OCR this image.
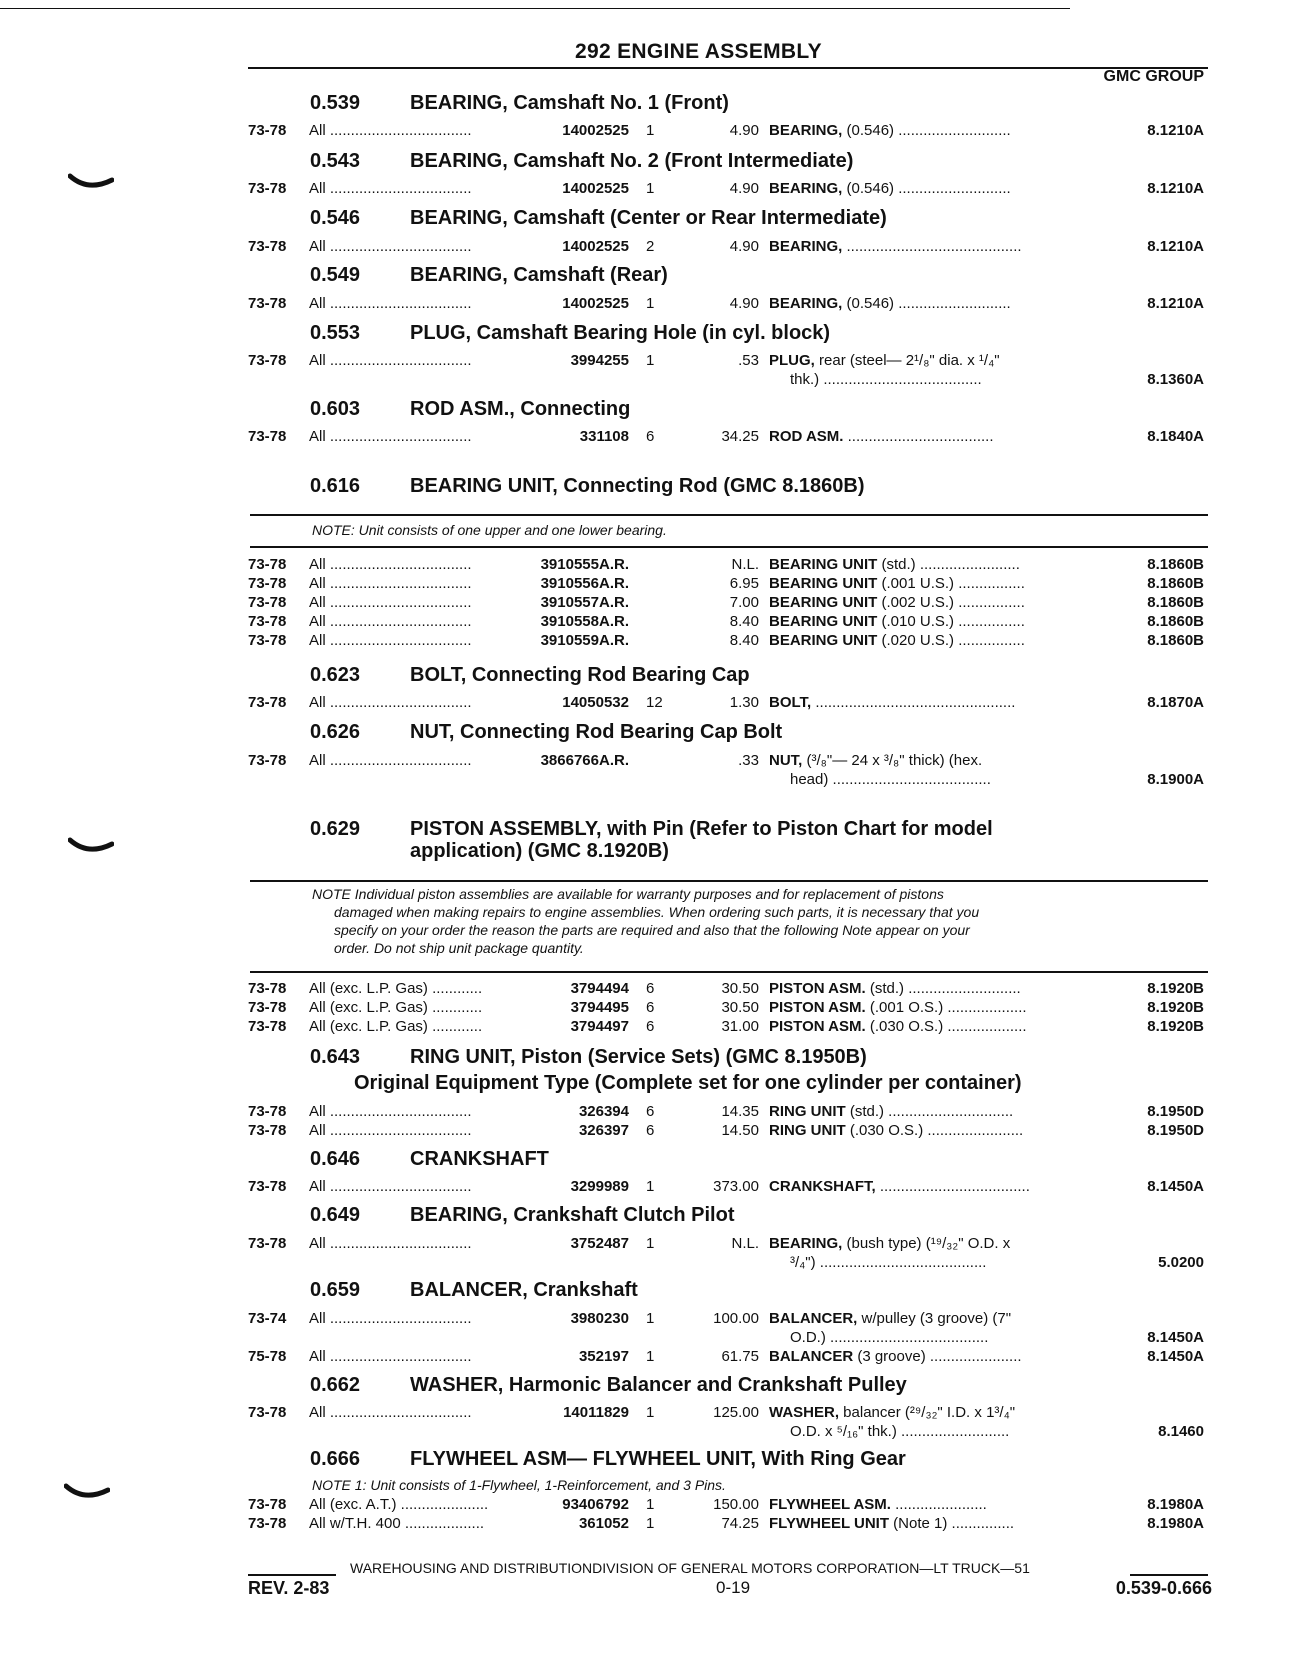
292 ENGINE ASSEMBLY
GMC GROUP
0.539 BEARING, Camshaft No. 1 (Front)
73-78 All ..................................	14002525 1	4.90 BEARING, (0.546) ...........................	8.1210A
0.543 BEARING, Camshaft No. 2 (Front Intermediate)
73-78 All ..................................	14002525 1	4.90 BEARING, (0.546) ...........................	8.1210A
0.546 BEARING, Camshaft (Center or Rear Intermediate)
73-78 All ..................................	14002525 2	4.90 BEARING, ..........................................	8.1210A
0.549 BEARING, Camshaft (Rear)
73-78 All ..................................	14002525 1	4.90 BEARING, (0.546) ...........................	8.1210A
0.553 PLUG, Camshaft Bearing Hole (in cyl. block)
73-78 All ..................................	3994255 1	.53 PLUG, rear (steel— 2¹/₈" dia. x ¹/₄"
thk.) ......................................	8.1360A
0.603 ROD ASM., Connecting
73-78 All ..................................	331108 6	34.25 ROD ASM. ...................................	8.1840A
0.616 BEARING UNIT, Connecting Rod (GMC 8.1860B)
NOTE: Unit consists of one upper and one lower bearing.
73-78 All ..................................	3910555A.R.	N.L. BEARING UNIT (std.) ........................	8.1860B
73-78 All ..................................	3910556A.R.	6.95 BEARING UNIT (.001 U.S.) ................	8.1860B
73-78 All ..................................	3910557A.R.	7.00 BEARING UNIT (.002 U.S.) ................	8.1860B
73-78 All ..................................	3910558A.R.	8.40 BEARING UNIT (.010 U.S.) ................	8.1860B
73-78 All ..................................	3910559A.R.	8.40 BEARING UNIT (.020 U.S.) ................	8.1860B
0.623 BOLT, Connecting Rod Bearing Cap
73-78 All ..................................	14050532 12	1.30 BOLT, ................................................	8.1870A
0.626 NUT, Connecting Rod Bearing Cap Bolt
73-78 All ..................................	3866766A.R.	.33 NUT, (³/₈"— 24 x ³/₈" thick) (hex.
head) ......................................	8.1900A
0.629 PISTON ASSEMBLY, with Pin (Refer to Piston Chart for model
application) (GMC 8.1920B)
NOTE Individual piston assemblies are available for warranty purposes and for replacement of pistons
damaged when making repairs to engine assemblies. When ordering such parts, it is necessary that you
specify on your order the reason the parts are required and also that the following Note appear on your
order. Do not ship unit package quantity.
73-78 All (exc. L.P. Gas) ............	3794494 6	30.50 PISTON ASM. (std.) ...........................	8.1920B
73-78 All (exc. L.P. Gas) ............	3794495 6	30.50 PISTON ASM. (.001 O.S.) ...................	8.1920B
73-78 All (exc. L.P. Gas) ............	3794497 6	31.00 PISTON ASM. (.030 O.S.) ...................	8.1920B
0.643 RING UNIT, Piston (Service Sets) (GMC 8.1950B)
Original Equipment Type (Complete set for one cylinder per container)
73-78 All ..................................	326394 6	14.35 RING UNIT (std.) ..............................	8.1950D
73-78 All ..................................	326397 6	14.50 RING UNIT (.030 O.S.) .......................	8.1950D
0.646 CRANKSHAFT
73-78 All ..................................	3299989 1	373.00 CRANKSHAFT, ....................................	8.1450A
0.649 BEARING, Crankshaft Clutch Pilot
73-78 All ..................................	3752487 1	N.L. BEARING, (bush type) (¹⁹/₃₂" O.D. x
³/₄") ........................................	5.0200
0.659 BALANCER, Crankshaft
73-74 All ..................................	3980230 1	100.00 BALANCER, w/pulley (3 groove) (7"
O.D.) ......................................	8.1450A
75-78 All ..................................	352197 1	61.75 BALANCER (3 groove) ......................	8.1450A
0.662 WASHER, Harmonic Balancer and Crankshaft Pulley
73-78 All ..................................	14011829 1	125.00 WASHER, balancer (²⁹/₃₂" I.D. x 1³/₄"
O.D. x ⁵/₁₆" thk.) ..........................	8.1460
0.666 FLYWHEEL ASM— FLYWHEEL UNIT, With Ring Gear
NOTE 1: Unit consists of 1-Flywheel, 1-Reinforcement, and 3 Pins.
73-78 All (exc. A.T.) .....................	93406792 1	150.00 FLYWHEEL ASM. ......................	8.1980A
73-78 All w/T.H. 400 ...................	361052 1	74.25 FLYWHEEL UNIT (Note 1) ...............	8.1980A
WAREHOUSING AND DISTRIBUTIONDIVISION OF GENERAL MOTORS CORPORATION—LT TRUCK—51
REV. 2-83	0-19	0.539-0.666
